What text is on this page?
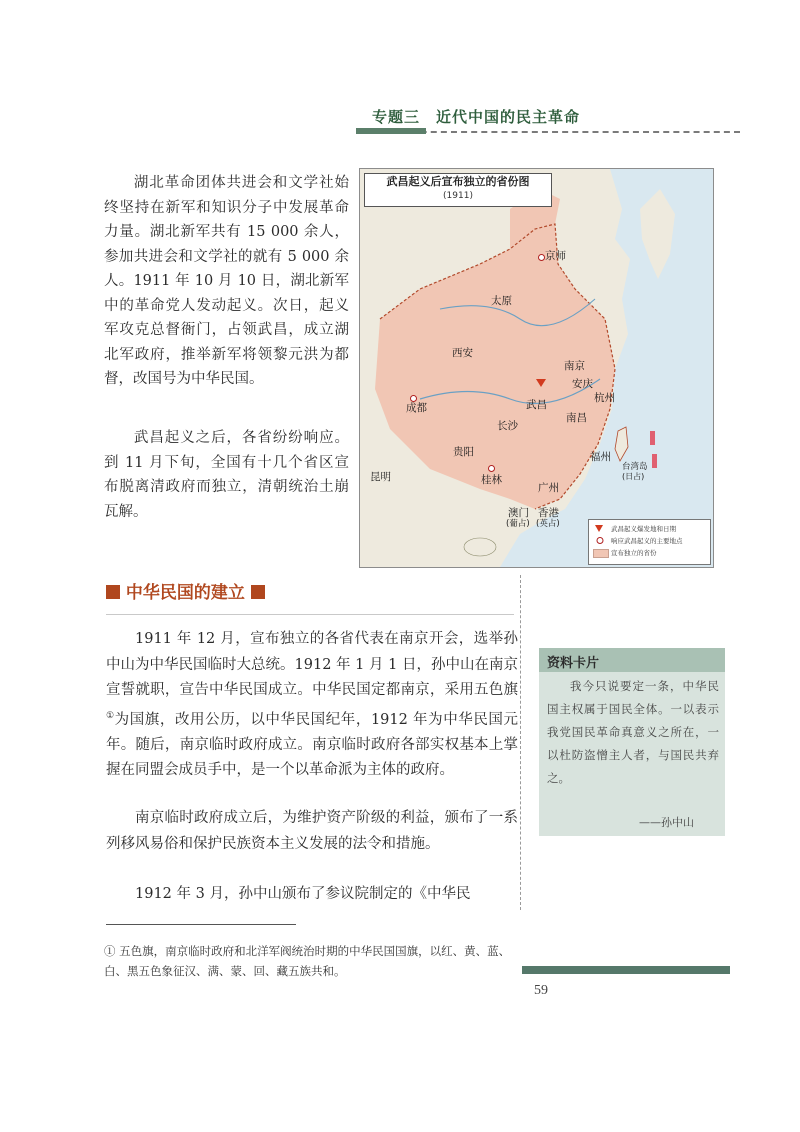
专题三　近代中国的民主革命
湖北革命团体共进会和文学社始终坚持在新军和知识分子中发展革命力量。湖北新军共有 15 000 余人，参加共进会和文学社的就有 5 000 余人。1911 年 10 月 10 日，湖北新军中的革命党人发动起义。次日，起义军攻克总督衙门，占领武昌，成立湖北军政府，推举新军将领黎元洪为都督，改国号为中华民国。
武昌起义之后，各省纷纷响应。到 11 月下旬，全国有十几个省区宣布脱离清政府而独立，清朝统治土崩瓦解。
武昌起义后宣布独立的省份图
(1911)
京师
太原
西安
南京
安庆
杭州
成都	武昌
南昌
长沙
贵阳	福州
昆明	桂林
广州
澳门
(葡占)
香港
(英占)
台湾岛
(日占)
武昌起义爆发地和日期
响应武昌起义的主要地点
宣布独立的省份
中华民国的建立
1911 年 12 月，宣布独立的各省代表在南京开会，选举孙中山为中华民国临时大总统。1912 年 1 月 1 日，孙中山在南京宣誓就职，宣告中华民国成立。中华民国定都南京，采用五色旗①为国旗，改用公历，以中华民国纪年，1912 年为中华民国元年。随后，南京临时政府成立。南京临时政府各部实权基本上掌握在同盟会成员手中，是一个以革命派为主体的政府。
南京临时政府成立后，为维护资产阶级的利益，颁布了一系列移风易俗和保护民族资本主义发展的法令和措施。
1912 年 3 月，孙中山颁布了参议院制定的《中华民
资料卡片
我今只说要定一条，中华民国主权属于国民全体。一以表示我党国民革命真意义之所在，一以杜防盗憎主人者，与国民共弃之。
——孙中山
① 五色旗，南京临时政府和北洋军阀统治时期的中华民国国旗，以红、黄、蓝、白、黑五色象征汉、满、蒙、回、藏五族共和。
59
